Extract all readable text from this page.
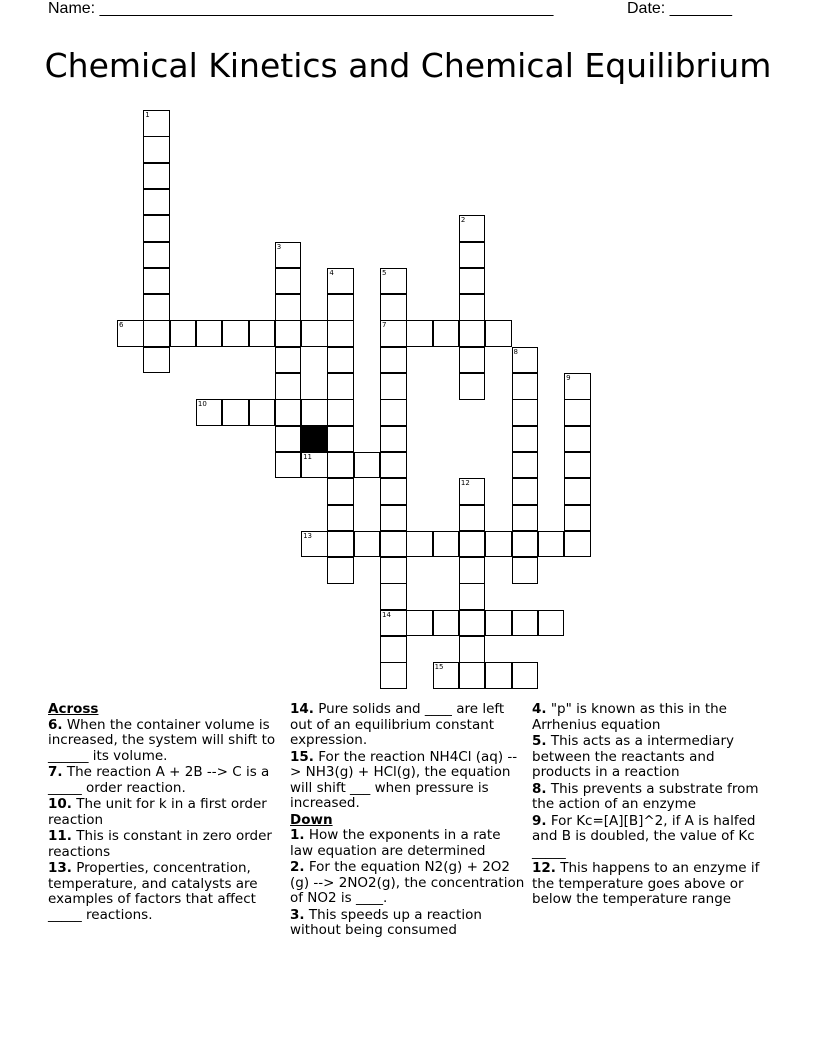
Name: ___________________________________________________	Date: _______
Chemical Kinetics and Chemical Equilibrium
1
2
3
4	5
7
14
6
8
9
10
11
12
13
15

Across

6. When the container volume is increased, the system will shift to ______ its volume.

7. The reaction A + 2B --> C is a _____ order reaction.

10. The unit for k in a first order reaction

11. This is constant in zero order reactions

13. Properties, concentration, temperature, and catalysts are examples of factors that affect _____ reactions.

14. Pure solids and ____ are left out of an equilibrium constant expression.

15. For the reaction NH4Cl (aq) --> NH3(g) + HCl(g), the equation will shift ___ when pressure is increased.

Down

1. How the exponents in a rate law equation are determined

2. For the equation N2(g) + 2O2 (g) --> 2NO2(g), the concentration of NO2 is ____.

3. This speeds up a reaction without being consumed

4. "p" is known as this in the Arrhenius equation

5. This acts as a intermediary between the reactants and products in a reaction

8. This prevents a substrate from the action of an enzyme

9. For Kc=[A][B]^2, if A is halfed and B is doubled, the value of Kc _____

12. This happens to an enzyme if the temperature goes above or below the temperature range
